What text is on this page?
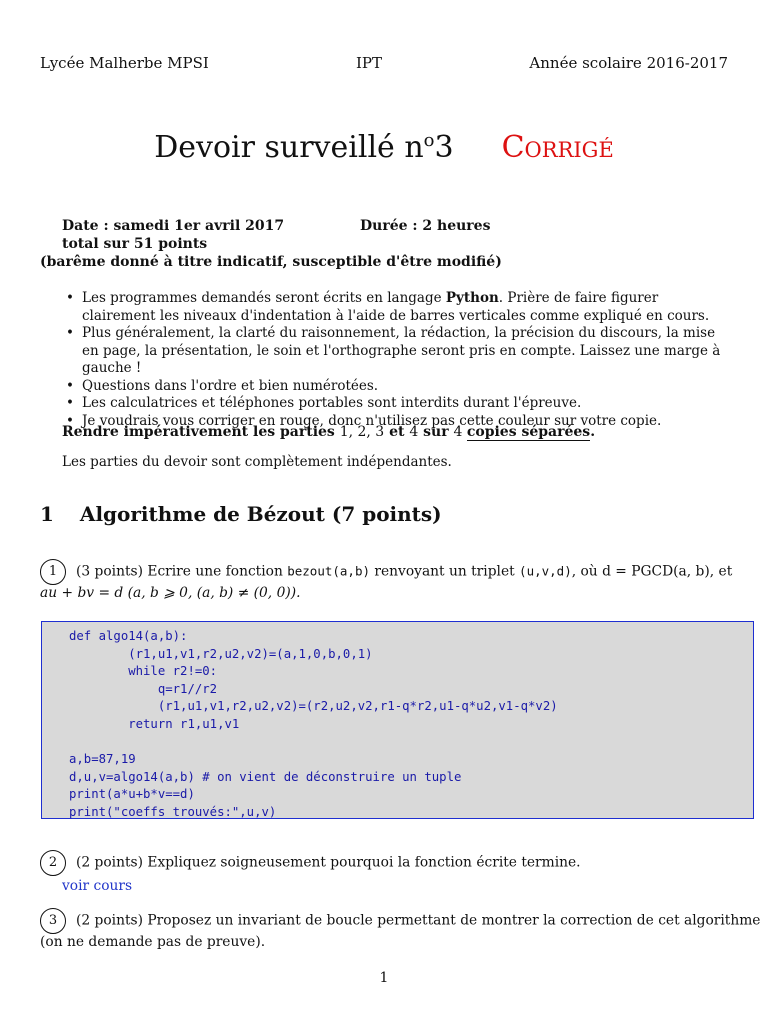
Lycée Malherbe MPSI	IPT	Année scolaire 2016-2017
Devoir surveillé $n^o3$ Corrigé
Date : samedi 1er avril 2017	Durée : 2 heures
total sur 51 points
(barême donné à titre indicatif, susceptible d'être modifié)
• Les programmes demandés seront écrits en langage Python. Prière de faire figurer clairement les niveaux d'indentation à l'aide de barres verticales comme expliqué en cours.
• Plus généralement, la clarté du raisonnement, la rédaction, la précision du discours, la mise en page, la présentation, le soin et l'orthographe seront pris en compte. Laissez une marge à gauche !
• Questions dans l'ordre et bien numérotées.
• Les calculatrices et téléphones portables sont interdits durant l'épreuve.
• Je voudrais vous corriger en rouge, donc n'utilisez pas cette couleur sur votre copie.
Rendre impérativement les parties 1, 2, 3 et 4 sur 4 copies séparées.
Les parties du devoir sont complètement indépendantes.
1 Algorithme de Bézout (7 points)
1 (3 points) Ecrire une fonction bezout(a,b) renvoyant un triplet (u,v,d), où d = PGCD(a, b), et
au + bv = d (a, b ⩾ 0, (a, b) ≠ (0, 0)).
def algo14(a,b):
(r1,u1,v1,r2,u2,v2)=(a,1,0,b,0,1)
while r2!=0:
q=r1//r2
(r1,u1,v1,r2,u2,v2)=(r2,u2,v2,r1-q*r2,u1-q*u2,v1-q*v2)
return r1,u1,v1

a,b=87,19
d,u,v=algo14(a,b) # on vient de déconstruire un tuple
print(a*u+b*v==d)
print("coeffs trouvés:",u,v)
2 (2 points) Expliquez soigneusement pourquoi la fonction écrite termine.
voir cours
3 (2 points) Proposez un invariant de boucle permettant de montrer la correction de cet algorithme
(on ne demande pas de preuve).
1
